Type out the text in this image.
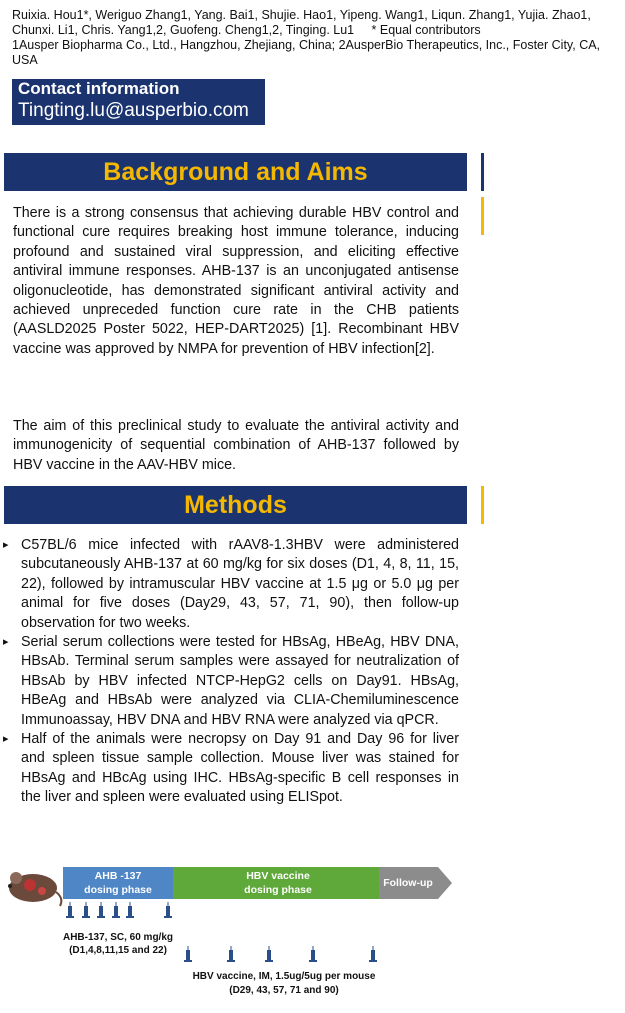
Ruixia. Hou1*, Weriguo Zhang1, Yang. Bai1, Shujie. Hao1, Yipeng. Wang1, Liqun. Zhang1, Yujia. Zhao1, Chunxi. Li1, Chris. Yang1,2, Guofeng. Cheng1,2, Tinging. Lu1 * Equal contributors
1Ausper Biopharma Co., Ltd., Hangzhou, Zhejiang, China; 2AusperBio Therapeutics, Inc., Foster City, CA, USA
Contact information
Tingting.lu@ausperbio.com
Background and Aims
There is a strong consensus that achieving durable HBV control and functional cure requires breaking host immune tolerance, inducing profound and sustained viral suppression, and eliciting effective antiviral immune responses. AHB-137 is an unconjugated antisense oligonucleotide, has demonstrated significant antiviral activity and achieved unpreceded function cure rate in the CHB patients (AASLD2025 Poster 5022, HEP-DART2025) [1]. Recombinant HBV vaccine was approved by NMPA for prevention of HBV infection[2].
The aim of this preclinical study to evaluate the antiviral activity and immunogenicity of sequential combination of AHB-137 followed by HBV vaccine in the AAV-HBV mice.
Methods
▸ C57BL/6 mice infected with rAAV8-1.3HBV were administered subcutaneously AHB-137 at 60 mg/kg for six doses (D1, 4, 8, 11, 15, 22), followed by intramuscular HBV vaccine at 1.5 μg or 5.0 μg per animal for five doses (Day29, 43, 57, 71, 90), then follow-up observation for two weeks.
▸ Serial serum collections were tested for HBsAg, HBeAg, HBV DNA, HBsAb. Terminal serum samples were assayed for neutralization of HBsAb by HBV infected NTCP-HepG2 cells on Day91. HBsAg, HBeAg and HBsAb were analyzed via CLIA-Chemiluminescence Immunoassay, HBV DNA and HBV RNA were analyzed via qPCR.
▸ Half of the animals were necropsy on Day 91 and Day 96 for liver and spleen tissue sample collection. Mouse liver was stained for HBsAg and HBcAg using IHC. HBsAg-specific B cell responses in the liver and spleen were evaluated using ELISpot.
AHB -137
dosing phase
HBV vaccine
dosing phase
Follow-up
AHB-137, SC, 60 mg/kg
(D1,4,8,11,15 and 22)
HBV vaccine, IM, 1.5ug/5ug per mouse
(D29, 43, 57, 71 and 90)
